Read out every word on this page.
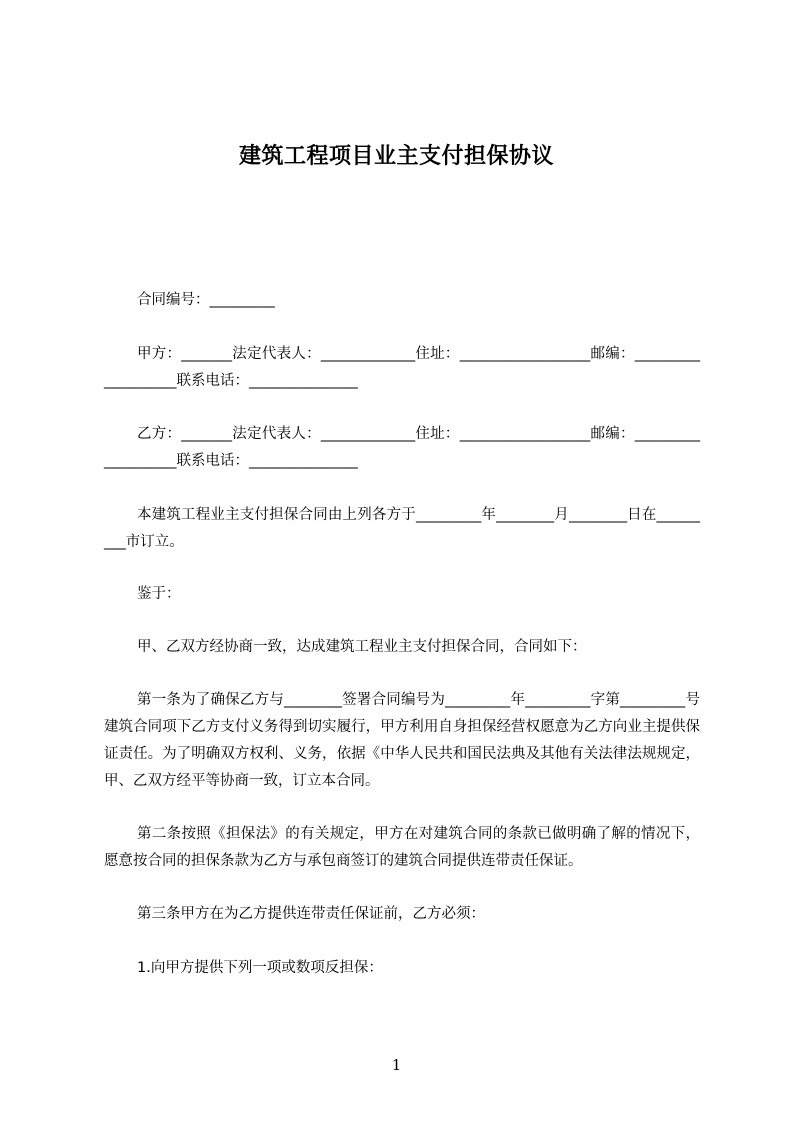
建筑工程项目业主支付担保协议
合同编号：_________
甲方：_______法定代表人：_____________住址：__________________邮编：___________________联系电话：_______________
乙方：_______法定代表人：_____________住址：__________________邮编：___________________联系电话：_______________
本建筑工程业主支付担保合同由上列各方于_________年________月________日在_________市订立。
鉴于：
甲、乙双方经协商一致，达成建筑工程业主支付担保合同，合同如下：
第一条为了确保乙方与________签署合同编号为_________年_________字第_________号建筑合同项下乙方支付义务得到切实履行，甲方利用自身担保经营权愿意为乙方向业主提供保证责任。为了明确双方权利、义务，依据《中华人民共和国民法典及其他有关法律法规规定，甲、乙双方经平等协商一致，订立本合同。
第二条按照《担保法》的有关规定，甲方在对建筑合同的条款已做明确了解的情况下，愿意按合同的担保条款为乙方与承包商签订的建筑合同提供连带责任保证。
第三条甲方在为乙方提供连带责任保证前，乙方必须：
1.向甲方提供下列一项或数项反担保：
1
